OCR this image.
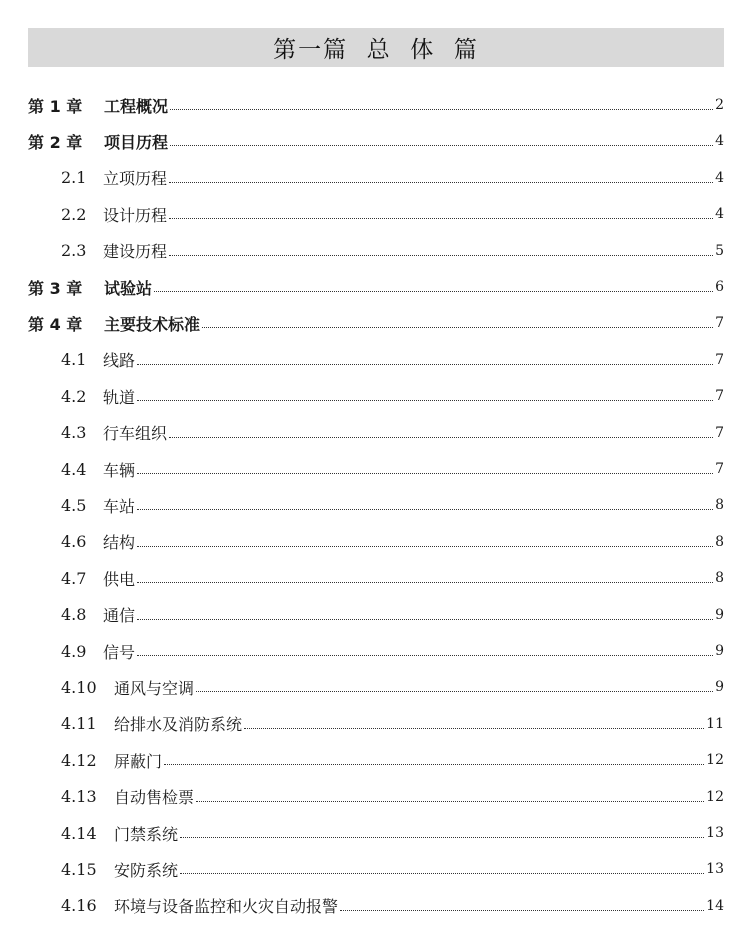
第一篇  总  体  篇
第 1 章 工程概况	2
第 2 章 项目历程	4
2.1 立项历程	4
2.2 设计历程	4
2.3 建设历程	5
第 3 章 试验站	6
第 4 章 主要技术标准	7
4.1 线路	7
4.2 轨道	7
4.3 行车组织	7
4.4 车辆	7
4.5 车站	8
4.6 结构	8
4.7 供电	8
4.8 通信	9
4.9 信号	9
4.10 通风与空调	9
4.11 给排水及消防系统	11
4.12 屏蔽门	12
4.13 自动售检票	12
4.14 门禁系统	13
4.15 安防系统	13
4.16 环境与设备监控和火灾自动报警	14
